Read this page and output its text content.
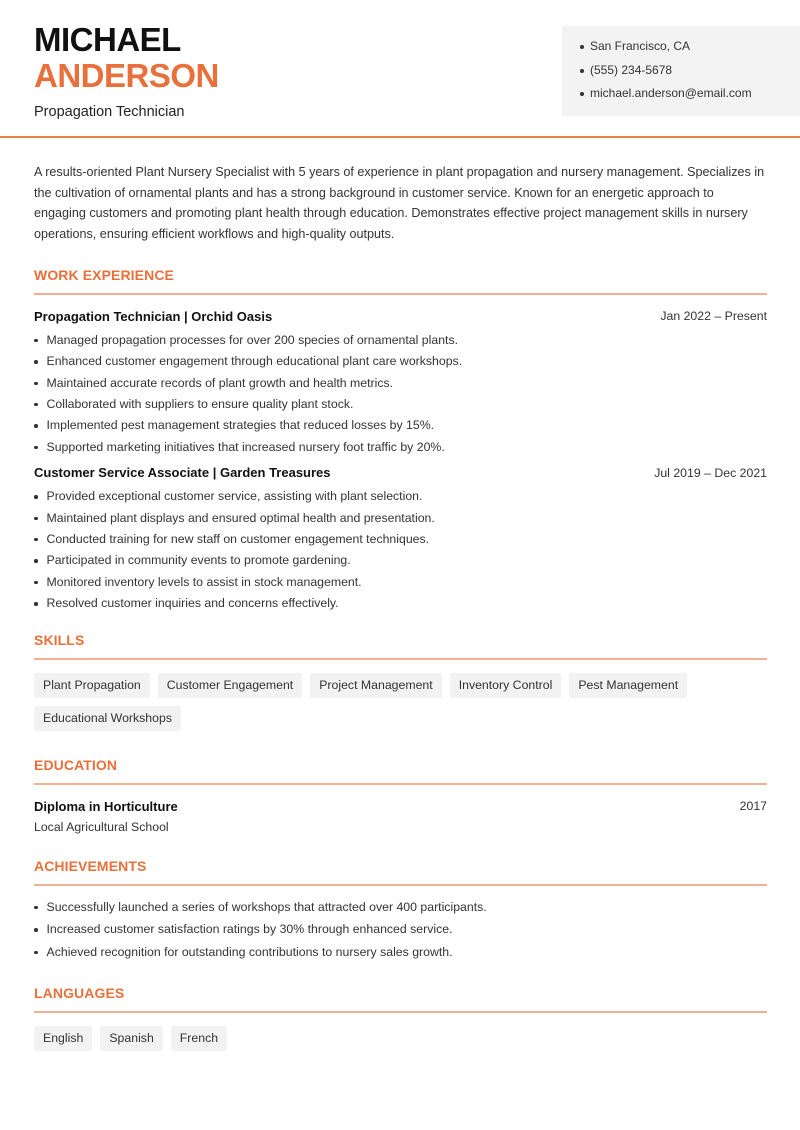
MICHAEL
ANDERSON
Propagation Technician
San Francisco, CA
(555) 234-5678
michael.anderson@email.com

A results-oriented Plant Nursery Specialist with 5 years of experience in plant propagation and nursery management. Specializes in the cultivation of ornamental plants and has a strong background in customer service. Known for an energetic approach to engaging customers and promoting plant health through education. Demonstrates effective project management skills in nursery operations, ensuring efficient workflows and high-quality outputs.

WORK EXPERIENCE
Propagation Technician | Orchid Oasis	Jan 2022 – Present
Managed propagation processes for over 200 species of ornamental plants.
Enhanced customer engagement through educational plant care workshops.
Maintained accurate records of plant growth and health metrics.
Collaborated with suppliers to ensure quality plant stock.
Implemented pest management strategies that reduced losses by 15%.
Supported marketing initiatives that increased nursery foot traffic by 20%.
Customer Service Associate | Garden Treasures	Jul 2019 – Dec 2021
Provided exceptional customer service, assisting with plant selection.
Maintained plant displays and ensured optimal health and presentation.
Conducted training for new staff on customer engagement techniques.
Participated in community events to promote gardening.
Monitored inventory levels to assist in stock management.
Resolved customer inquiries and concerns effectively.
SKILLS
Plant Propagation	Customer Engagement	Project Management	Inventory Control	Pest Management
Educational Workshops
EDUCATION
Diploma in Horticulture
Local Agricultural School
2017
ACHIEVEMENTS
Successfully launched a series of workshops that attracted over 400 participants.
Increased customer satisfaction ratings by 30% through enhanced service.
Achieved recognition for outstanding contributions to nursery sales growth.
LANGUAGES
English	Spanish	French
